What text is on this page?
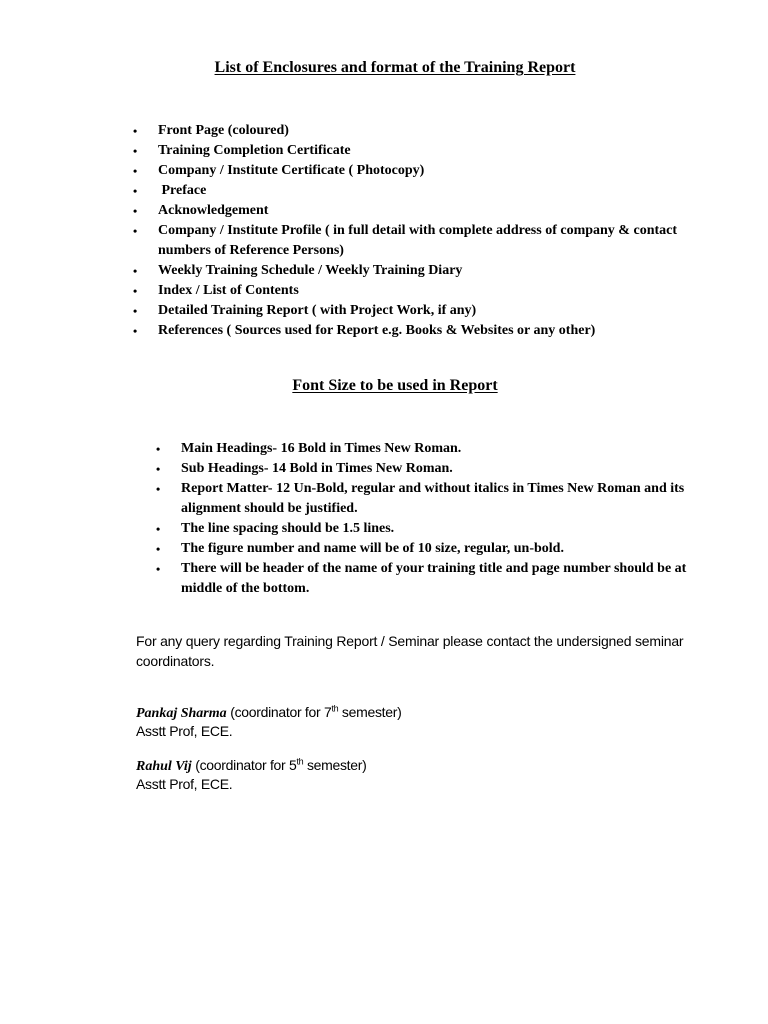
List of Enclosures and format of the Training Report
• Front Page (coloured)
• Training Completion Certificate
• Company / Institute Certificate ( Photocopy)
• Preface
• Acknowledgement
• Company / Institute Profile ( in full detail with complete address of company & contact numbers of Reference Persons)
• Weekly Training Schedule / Weekly Training Diary
• Index / List of Contents
• Detailed Training Report ( with Project Work, if any)
• References ( Sources used for Report e.g. Books & Websites or any other)
Font Size to be used in Report
• Main Headings- 16 Bold in Times New Roman.
• Sub Headings- 14 Bold in Times New Roman.
• Report Matter- 12 Un-Bold, regular and without italics in Times New Roman and its alignment should be justified.
• The line spacing should be 1.5 lines.
• The figure number and name will be of 10 size, regular, un-bold.
• There will be header of the name of your training title and page number should be at middle of the bottom.
For any query regarding Training Report / Seminar please contact the undersigned seminar coordinators.
Pankaj Sharma (coordinator for 7th semester)
Asstt Prof, ECE.
Rahul Vij (coordinator for 5th semester)
Asstt Prof, ECE.
